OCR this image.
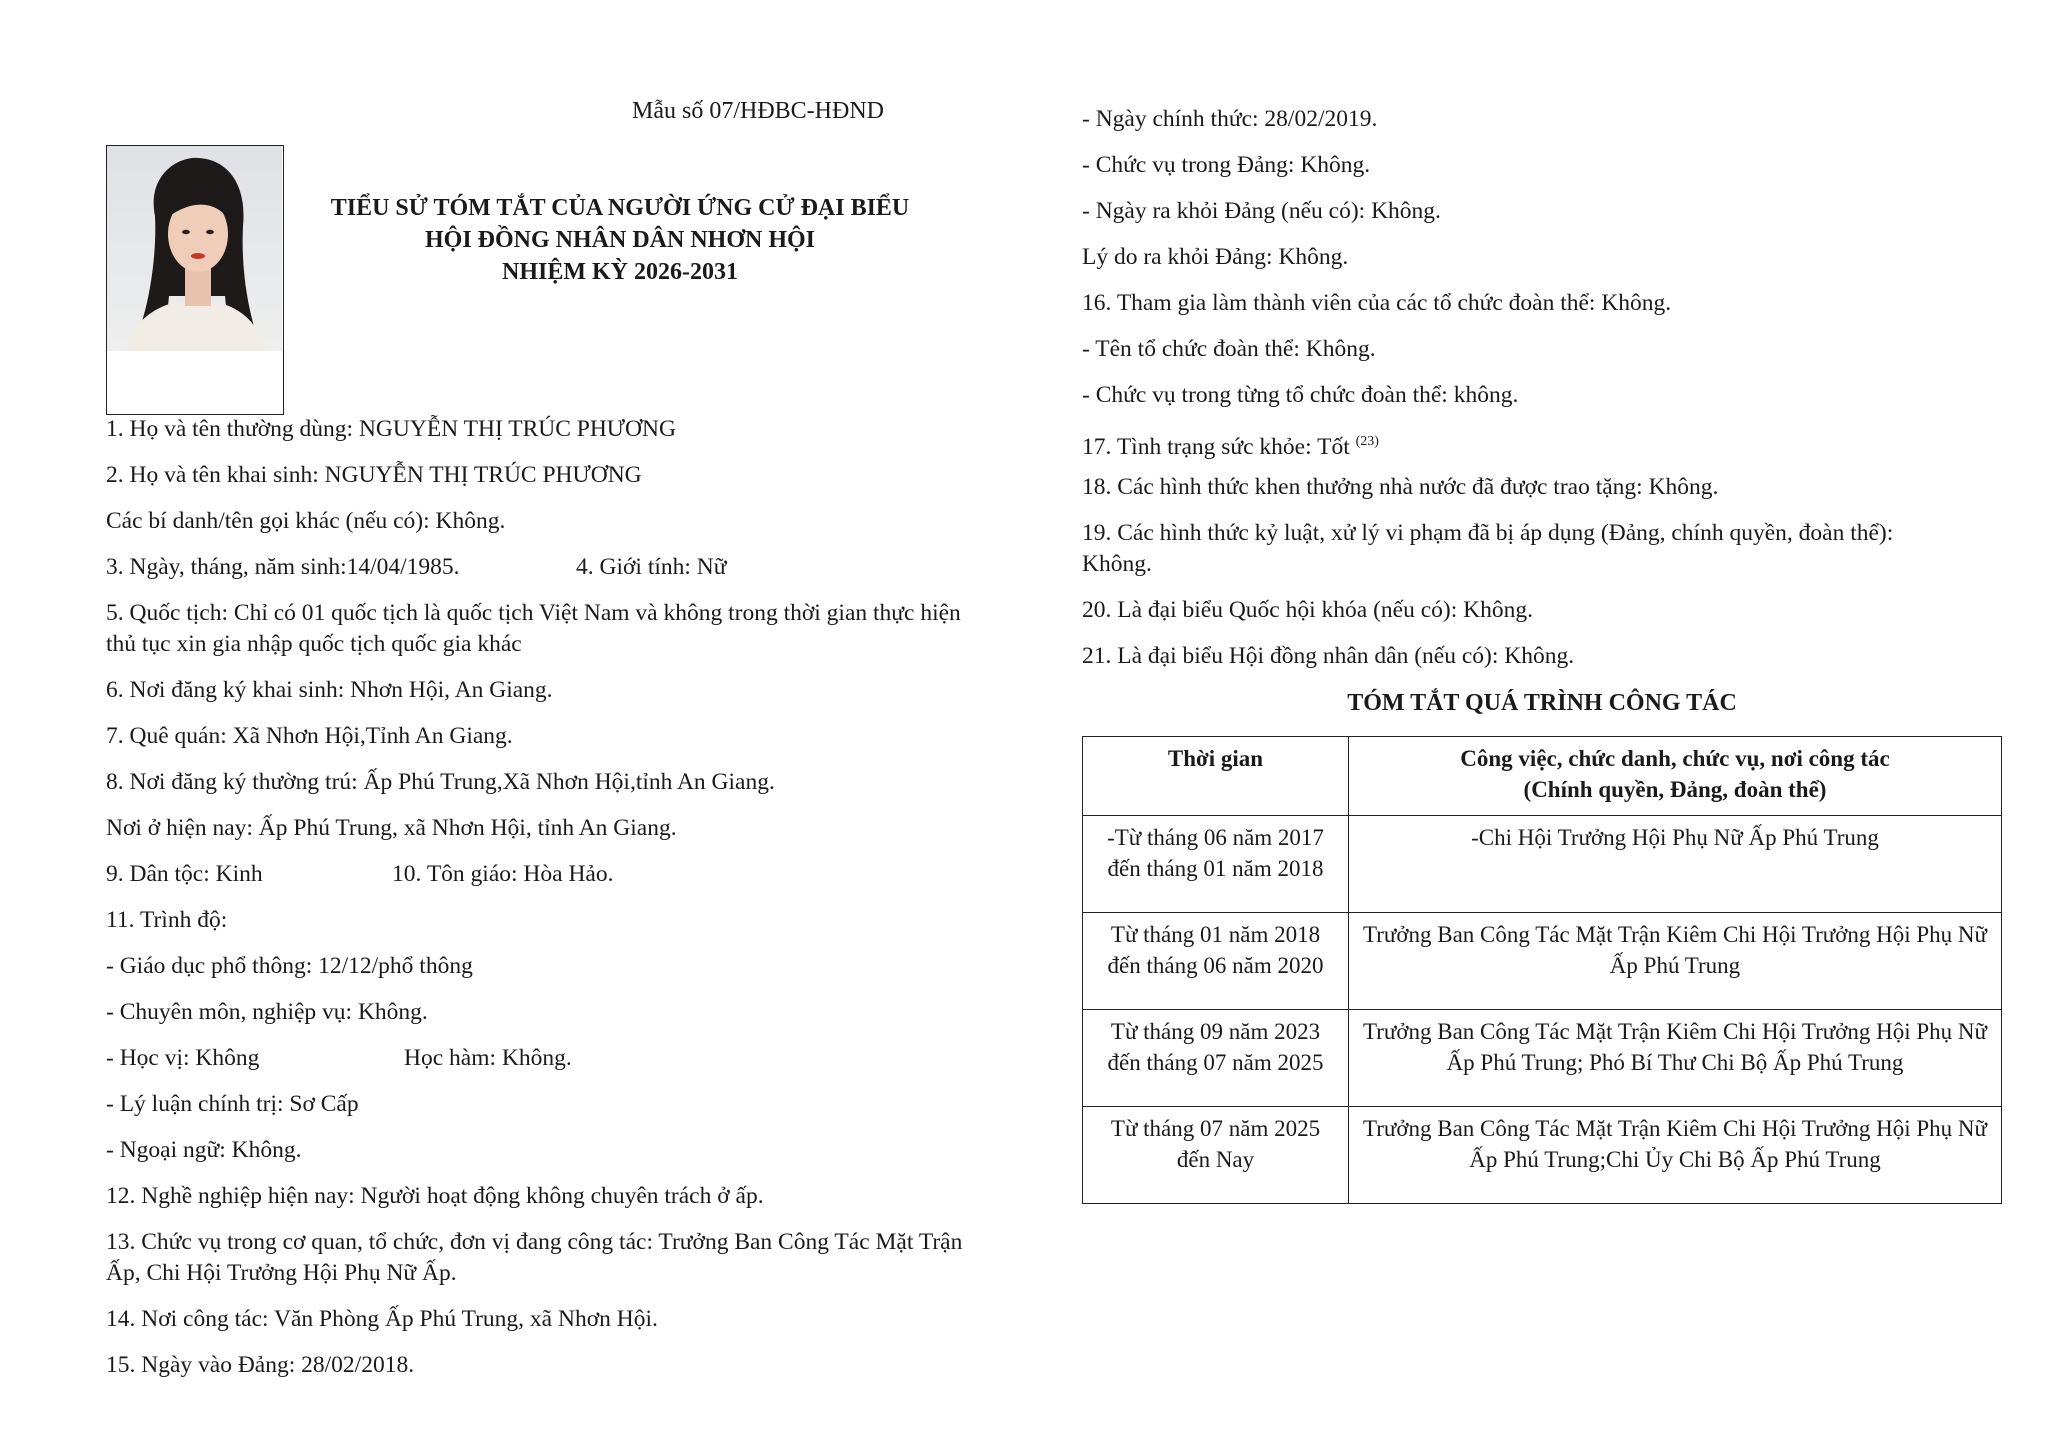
Mẫu số 07/HĐBC-HĐND
TIỂU SỬ TÓM TẮT CỦA NGƯỜI ỨNG CỬ ĐẠI BIỂU
HỘI ĐỒNG NHÂN DÂN NHƠN HỘI
NHIỆM KỲ 2026-2031
1. Họ và tên thường dùng: NGUYỄN THỊ TRÚC PHƯƠNG
2. Họ và tên khai sinh: NGUYỄN THỊ TRÚC PHƯƠNG
Các bí danh/tên gọi khác (nếu có): Không.
3. Ngày, tháng, năm sinh:14/04/1985.	4. Giới tính: Nữ
5. Quốc tịch: Chỉ có 01 quốc tịch là quốc tịch Việt Nam và không trong thời gian thực hiện thủ tục xin gia nhập quốc tịch quốc gia khác
6. Nơi đăng ký khai sinh: Nhơn Hội, An Giang.
7. Quê quán: Xã Nhơn Hội,Tỉnh An Giang.
8. Nơi đăng ký thường trú: Ấp Phú Trung,Xã Nhơn Hội,tỉnh An Giang.
Nơi ở hiện nay: Ấp Phú Trung, xã Nhơn Hội, tỉnh An Giang.
9. Dân tộc: Kinh	10. Tôn giáo: Hòa Hảo.
11. Trình độ:
- Giáo dục phổ thông: 12/12/phổ thông
- Chuyên môn, nghiệp vụ: Không.
- Học vị: Không	Học hàm: Không.
- Lý luận chính trị: Sơ Cấp
- Ngoại ngữ: Không.
12. Nghề nghiệp hiện nay: Người hoạt động không chuyên trách ở ấp.
13. Chức vụ trong cơ quan, tổ chức, đơn vị đang công tác: Trưởng Ban Công Tác Mặt Trận Ấp, Chi Hội Trưởng Hội Phụ Nữ Ấp.
14. Nơi công tác: Văn Phòng Ấp Phú Trung, xã Nhơn Hội.
15. Ngày vào Đảng: 28/02/2018.
- Ngày chính thức: 28/02/2019.
- Chức vụ trong Đảng: Không.
- Ngày ra khỏi Đảng (nếu có): Không.
Lý do ra khỏi Đảng: Không.
16. Tham gia làm thành viên của các tổ chức đoàn thể: Không.
- Tên tổ chức đoàn thể: Không.
- Chức vụ trong từng tổ chức đoàn thể: không.
17. Tình trạng sức khỏe: Tốt $^{(23)}$
18. Các hình thức khen thưởng nhà nước đã được trao tặng: Không.
19. Các hình thức kỷ luật, xử lý vi phạm đã bị áp dụng (Đảng, chính quyền, đoàn thể): Không.
20. Là đại biểu Quốc hội khóa (nếu có): Không.
21. Là đại biểu Hội đồng nhân dân (nếu có): Không.
TÓM TẮT QUÁ TRÌNH CÔNG TÁC
Thời gian	Công việc, chức danh, chức vụ, nơi công tác
(Chính quyền, Đảng, đoàn thể)

-Từ tháng 06 năm 2017
đến tháng 01 năm 2018	-Chi Hội Trưởng Hội Phụ Nữ Ấp Phú Trung

Từ tháng 01 năm 2018
đến tháng 06 năm 2020	Trưởng Ban Công Tác Mặt Trận Kiêm Chi Hội Trưởng Hội Phụ Nữ Ấp Phú Trung

Từ tháng 09 năm 2023
đến tháng 07 năm 2025	Trưởng Ban Công Tác Mặt Trận Kiêm Chi Hội Trưởng Hội Phụ Nữ Ấp Phú Trung; Phó Bí Thư Chi Bộ Ấp Phú Trung

Từ tháng 07 năm 2025
đến Nay	Trưởng Ban Công Tác Mặt Trận Kiêm Chi Hội Trưởng Hội Phụ Nữ Ấp Phú Trung;Chi Ủy Chi Bộ Ấp Phú Trung
